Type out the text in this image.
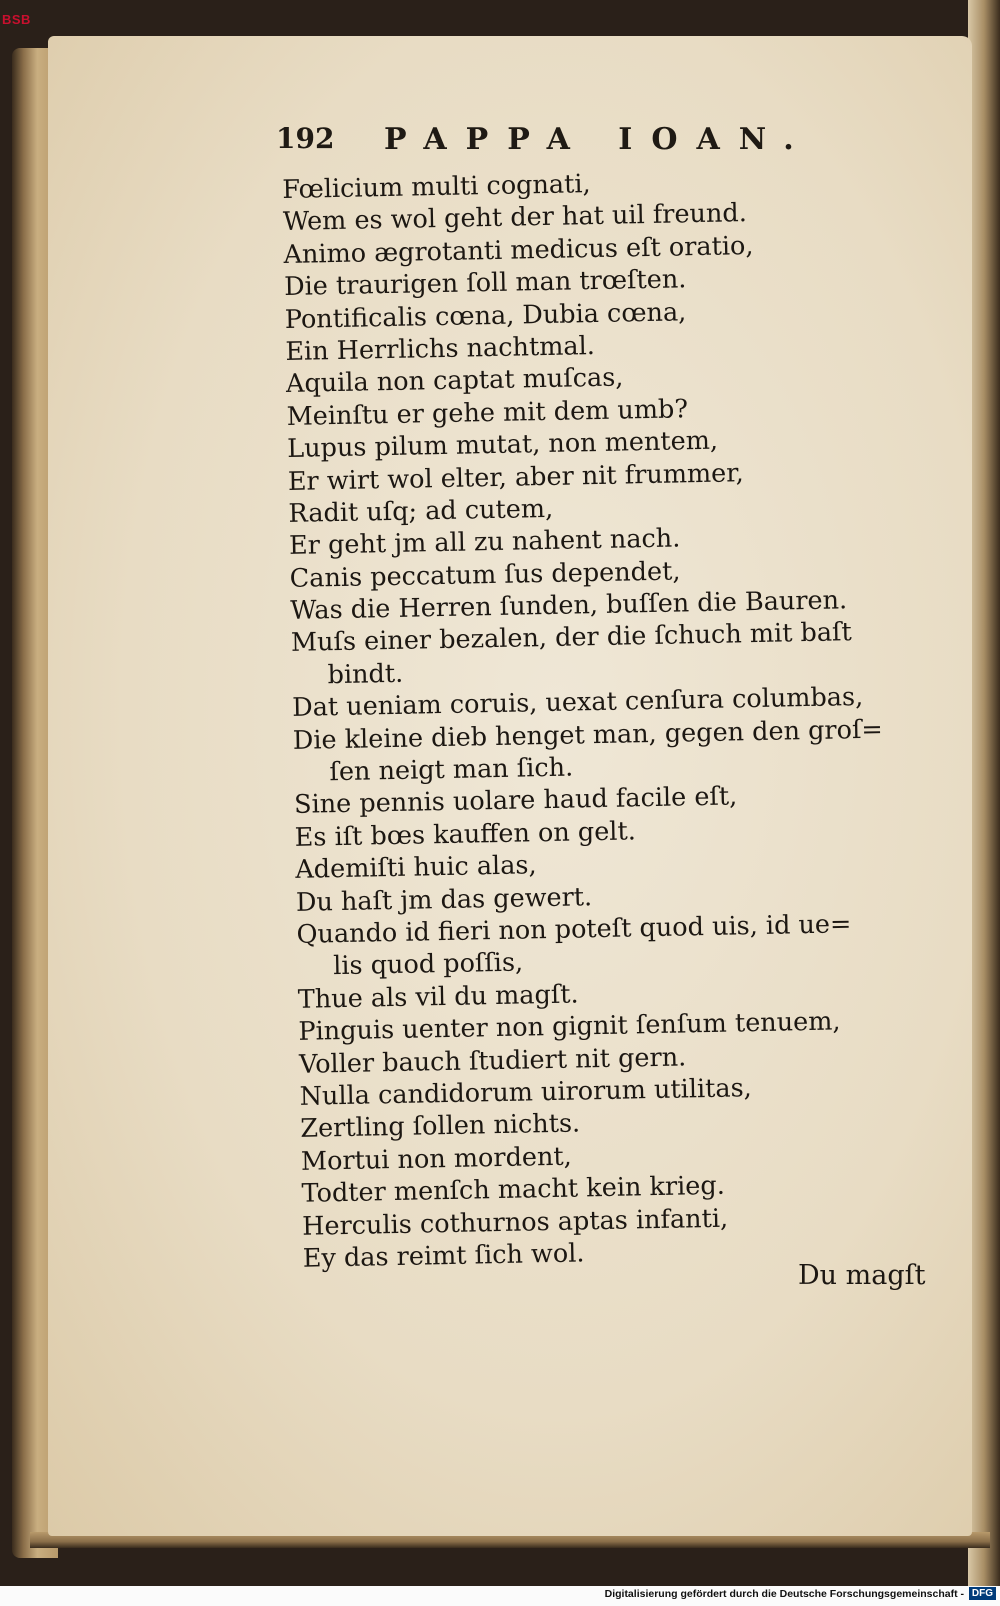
BSB
192 PAPPA IOAN.
Fœlicium multi cognati,
Wem es wol geht der hat uil freund.
Animo ægrotanti medicus eſt oratio,
Die traurigen ſoll man trœſten.
Pontificalis cœna, Dubia cœna,
Ein Herrlichs nachtmal.
Aquila non captat muſcas,
Meinſtu er gehe mit dem umb?
Lupus pilum mutat, non mentem,
Er wirt wol elter, aber nit frummer,
Radit uſq; ad cutem,
Er geht jm all zu nahent nach.
Canis peccatum ſus dependet,
Was die Herren ſunden, buſſen die Bauren.
Muſs einer bezalen, der die ſchuch mit baſt
bindt.
Dat ueniam coruis, uexat cenſura columbas,
Die kleine dieb henget man, gegen den groſ=
ſen neigt man ſich.
Sine pennis uolare haud facile eſt,
Es iſt bœs kauffen on gelt.
Ademiſti huic alas,
Du haſt jm das gewert.
Quando id fieri non poteſt quod uis, id ue=
lis quod poſſis,
Thue als vil du magſt.
Pinguis uenter non gignit ſenſum tenuem,
Voller bauch ſtudiert nit gern.
Nulla candidorum uirorum utilitas,
Zertling ſollen nichts.
Mortui non mordent,
Todter menſch macht kein krieg.
Herculis cothurnos aptas infanti,
Ey das reimt ſich wol.
Du magſt
Digitalisierung gefördert durch die Deutsche Forschungsgemeinschaft - DFG
